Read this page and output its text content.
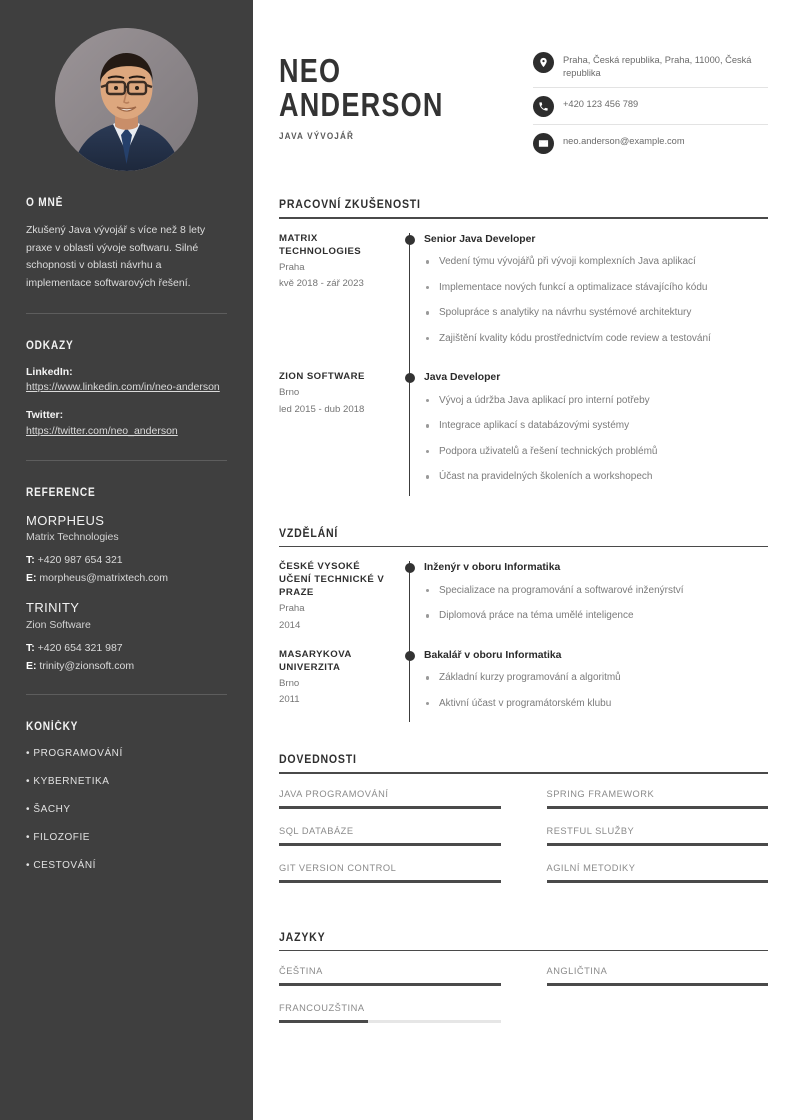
O MNĚ

Zkušený Java vývojář s více než 8 lety praxe v oblasti vývoje softwaru. Silné schopnosti v oblasti návrhu a implementace softwarových řešení.

ODKAZY
LinkedIn:
https://www.linkedin.com/in/neo-anderson
Twitter:
https://twitter.com/neo_anderson
REFERENCE
MORPHEUS
Matrix Technologies
T: +420 987 654 321
E: morpheus@matrixtech.com
TRINITY
Zion Software
T: +420 654 321 987
E: trinity@zionsoft.com
KONÍČKY
• PROGRAMOVÁNÍ
• KYBERNETIKA
• ŠACHY
• FILOZOFIE
• CESTOVÁNÍ
NEO
ANDERSON
JAVA VÝVOJÁŘ
Praha, Česká republika, Praha, 11000, Česká republika
+420 123 456 789
neo.anderson@example.com
PRACOVNÍ ZKUŠENOSTI
MATRIX TECHNOLOGIES
Praha
kvě 2018 - zář 2023
Senior Java Developer
Vedení týmu vývojářů při vývoji komplexních Java aplikací
Implementace nových funkcí a optimalizace stávajícího kódu
Spolupráce s analytiky na návrhu systémové architektury
Zajištění kvality kódu prostřednictvím code review a testování
ZION SOFTWARE
Brno
led 2015 - dub 2018
Java Developer
Vývoj a údržba Java aplikací pro interní potřeby
Integrace aplikací s databázovými systémy
Podpora uživatelů a řešení technických problémů
Účast na pravidelných školeních a workshopech
VZDĚLÁNÍ
ČESKÉ VYSOKÉ UČENÍ TECHNICKÉ V PRAZE
Praha
2014
Inženýr v oboru Informatika
Specializace na programování a softwarové inženýrství
Diplomová práce na téma umělé inteligence
MASARYKOVA UNIVERZITA
Brno
2011
Bakalář v oboru Informatika
Základní kurzy programování a algoritmů
Aktivní účast v programátorském klubu
DOVEDNOSTI
JAVA PROGRAMOVÁNÍ	SPRING FRAMEWORK
SQL DATABÁZE	RESTFUL SLUŽBY
GIT VERSION CONTROL	AGILNÍ METODIKY
JAZYKY
ČEŠTINA	ANGLIČTINA
FRANCOUZŠTINA
